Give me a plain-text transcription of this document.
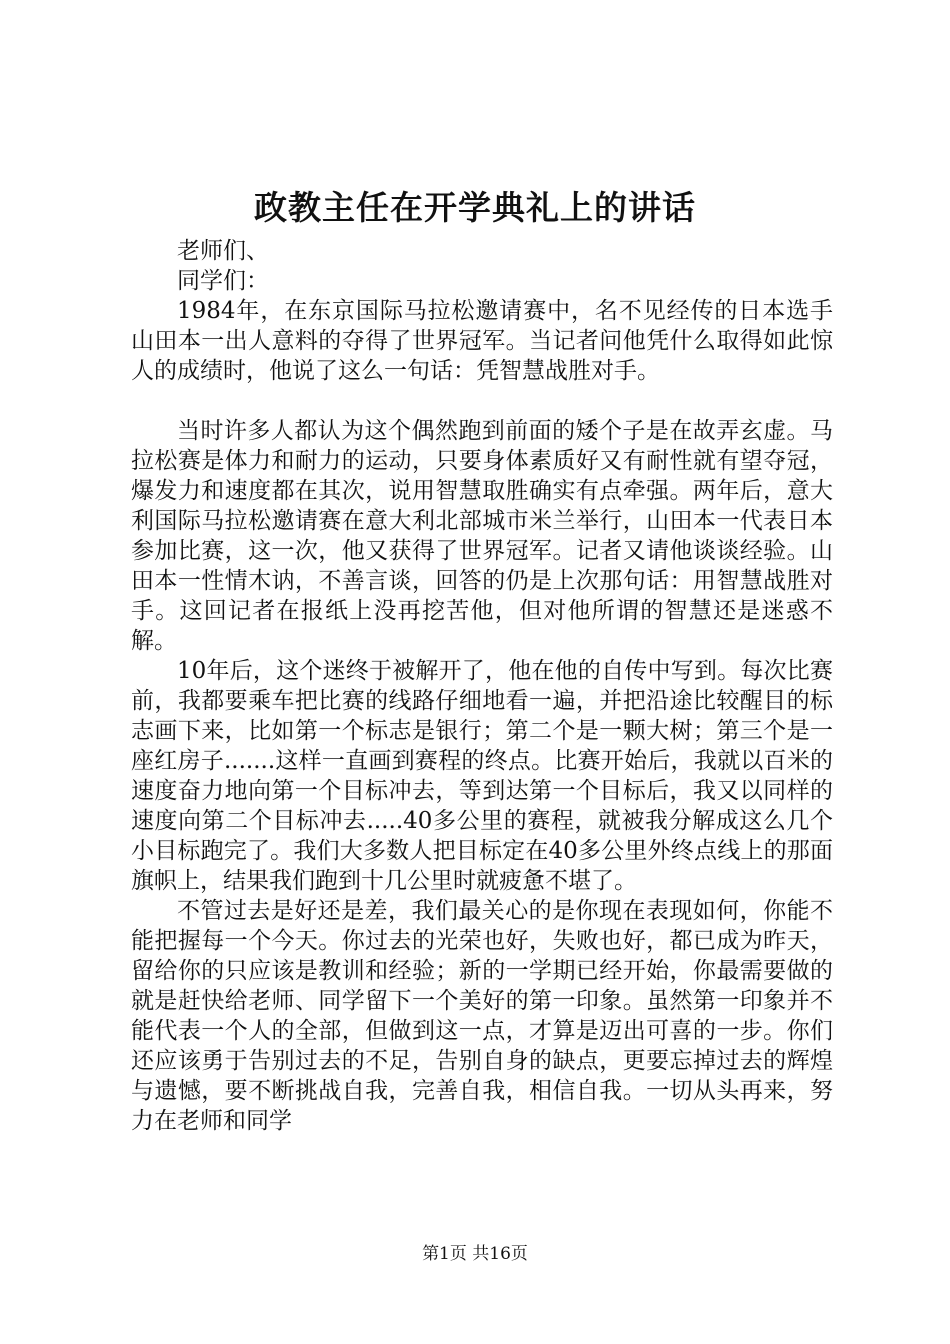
政教主任在开学典礼上的讲话

老师们、

同学们：

1984年，在东京国际马拉松邀请赛中，名不见经传的日本选手山田本一出人意料的夺得了世界冠军。当记者问他凭什么取得如此惊人的成绩时，他说了这么一句话：凭智慧战胜对手。

当时许多人都认为这个偶然跑到前面的矮个子是在故弄玄虚。马拉松赛是体力和耐力的运动，只要身体素质好又有耐性就有望夺冠，爆发力和速度都在其次，说用智慧取胜确实有点牵强。两年后，意大利国际马拉松邀请赛在意大利北部城市米兰举行，山田本一代表日本参加比赛，这一次，他又获得了世界冠军。记者又请他谈谈经验。山田本一性情木讷，不善言谈，回答的仍是上次那句话：用智慧战胜对手。这回记者在报纸上没再挖苦他，但对他所谓的智慧还是迷惑不解。

10年后，这个迷终于被解开了，他在他的自传中写到。每次比赛前，我都要乘车把比赛的线路仔细地看一遍，并把沿途比较醒目的标志画下来，比如第一个标志是银行；第二个是一颗大树；第三个是一座红房子.......这样一直画到赛程的终点。比赛开始后，我就以百米的速度奋力地向第一个目标冲去，等到达第一个目标后，我又以同样的速度向第二个目标冲去.....40多公里的赛程，就被我分解成这么几个小目标跑完了。我们大多数人把目标定在40多公里外终点线上的那面旗帜上，结果我们跑到十几公里时就疲惫不堪了。

不管过去是好还是差，我们最关心的是你现在表现如何，你能不能把握每一个今天。你过去的光荣也好，失败也好，都已成为昨天，留给你的只应该是教训和经验；新的一学期已经开始，你最需要做的就是赶快给老师、同学留下一个美好的第一印象。虽然第一印象并不能代表一个人的全部，但做到这一点，才算是迈出可喜的一步。你们还应该勇于告别过去的不足，告别自身的缺点，更要忘掉过去的辉煌与遗憾，要不断挑战自我，完善自我，相信自我。一切从头再来，努力在老师和同学

第1页 共16页
